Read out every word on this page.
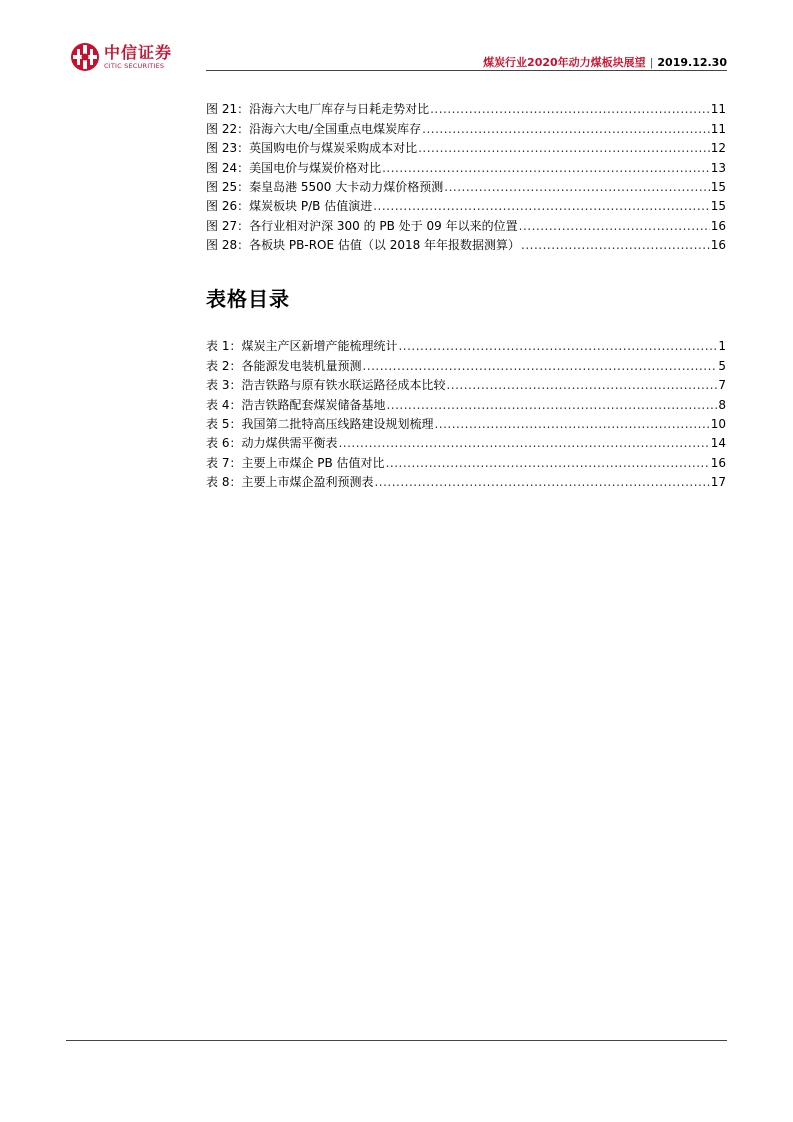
中信证券
CITIC SECURITIES	煤炭行业2020年动力煤板块展望 | 2019.12.30
图 21：沿海六大电厂库存与日耗走势对比 .....	11
图 22：沿海六大电/全国重点电煤炭库存 .....	11
图 23：英国购电价与煤炭采购成本对比 .....	12
图 24：美国电价与煤炭价格对比 .....	13
图 25：秦皇岛港 5500 大卡动力煤价格预测 .....	15
图 26：煤炭板块 P/B 估值演进 .....	15
图 27：各行业相对沪深 300 的 PB 处于 09 年以来的位置 .....	16
图 28：各板块 PB-ROE 估值（以 2018 年年报数据测算） .....	16
表格目录
表 1：煤炭主产区新增产能梳理统计 .....	1
表 2：各能源发电装机量预测 .....	5
表 3：浩吉铁路与原有铁水联运路径成本比较 .....	7
表 4：浩吉铁路配套煤炭储备基地 .....	8
表 5：我国第二批特高压线路建设规划梳理 .....	10
表 6：动力煤供需平衡表 .....	14
表 7：主要上市煤企 PB 估值对比 .....	16
表 8：主要上市煤企盈利预测表 .....	17
